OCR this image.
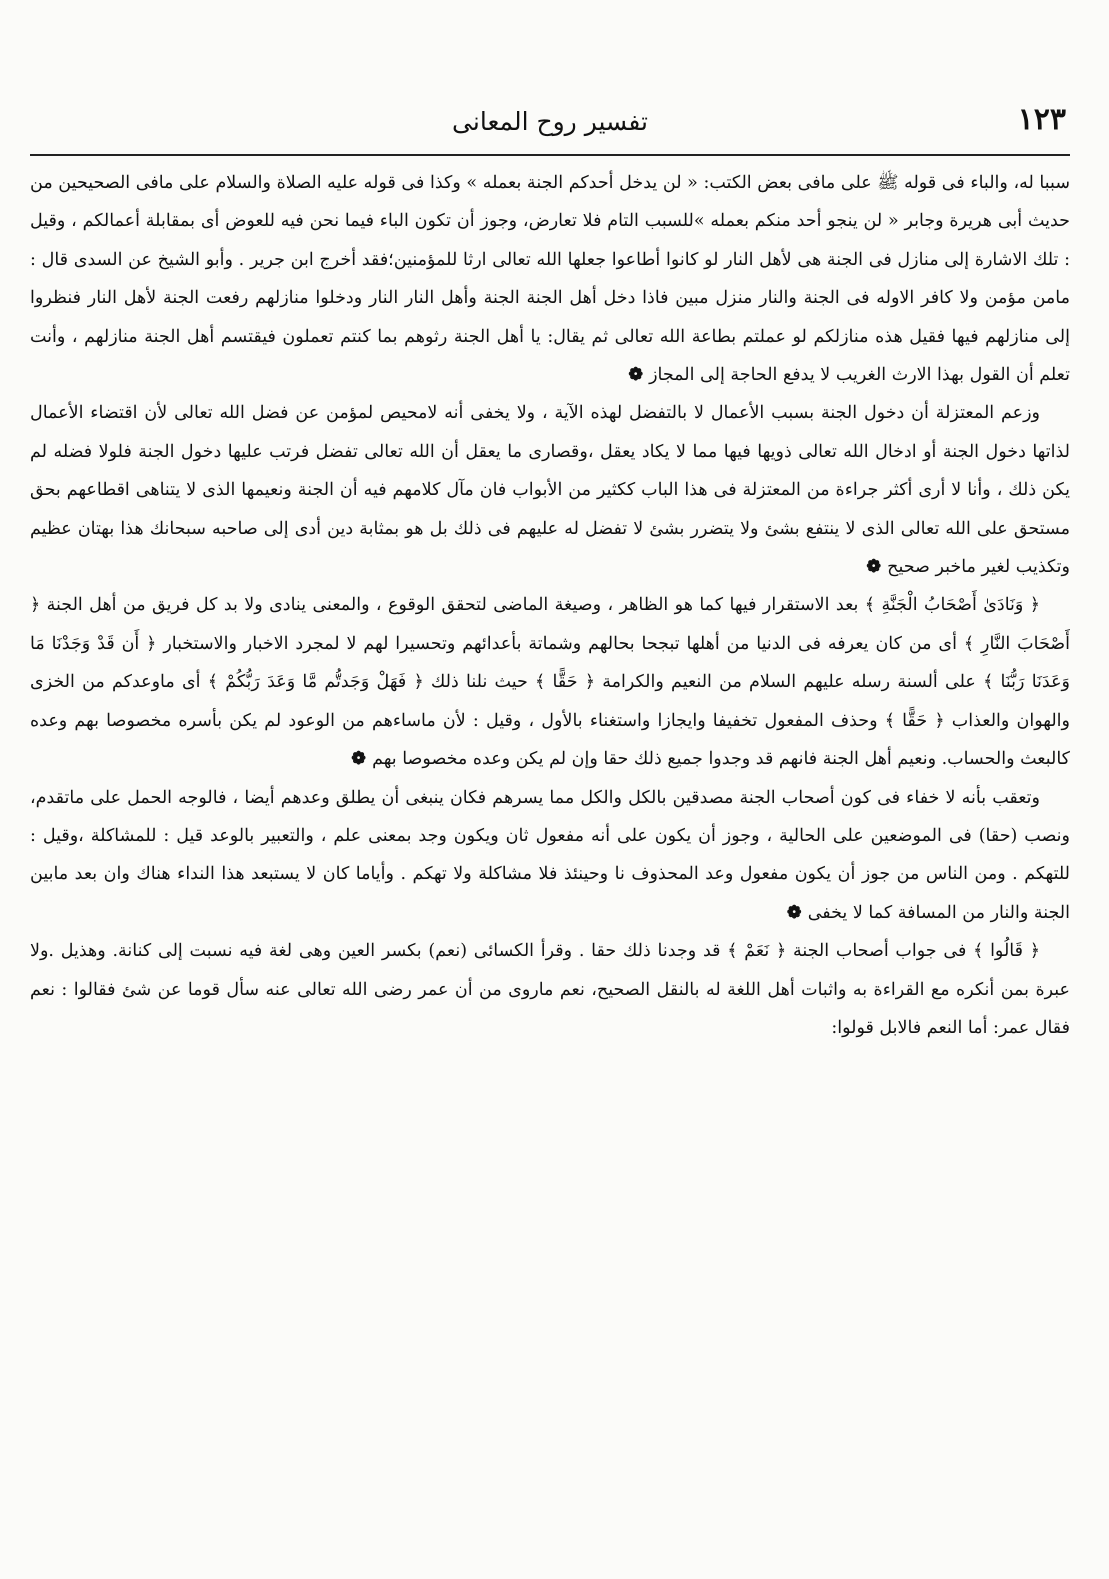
١٢٣
تفسير روح المعانى

سببا له، والباء فى قوله ﷺ على مافى بعض الكتب: « لن يدخل أحدكم الجنة بعمله » وكذا فى قوله عليه الصلاة والسلام على مافى الصحيحين من حديث أبى هريرة وجابر « لن ينجو أحد منكم بعمله »للسبب التام فلا تعارض، وجوز أن تكون الباء فيما نحن فيه للعوض أى بمقابلة أعمالكم ، وقيل : تلك الاشارة إلى منازل فى الجنة هى لأهل النار لو كانوا أطاعوا جعلها الله تعالى ارثا للمؤمنين؛فقد أخرج ابن جرير . وأبو الشيخ عن السدى قال : مامن مؤمن ولا كافر الاوله فى الجنة والنار منزل مبين فاذا دخل أهل الجنة الجنة وأهل النار النار ودخلوا منازلهم رفعت الجنة لأهل النار فنظروا إلى منازلهم فيها فقيل هذه منازلكم لو عملتم بطاعة الله تعالى ثم يقال: يا أهل الجنة رثوهم بما كنتم تعملون فيقتسم أهل الجنة منازلهم ، وأنت تعلم أن القول بهذا الارث الغريب لا يدفع الحاجة إلى المجاز ❁

وزعم المعتزلة أن دخول الجنة بسبب الأعمال لا بالتفضل لهذه الآية ، ولا يخفى أنه لامحيص لمؤمن عن فضل الله تعالى لأن اقتضاء الأعمال لذاتها دخول الجنة أو ادخال الله تعالى ذويها فيها مما لا يكاد يعقل ،وقصارى ما يعقل أن الله تعالى تفضل فرتب عليها دخول الجنة فلولا فضله لم يكن ذلك ، وأنا لا أرى أكثر جراءة من المعتزلة فى هذا الباب ككثير من الأبواب فان مآل كلامهم فيه أن الجنة ونعيمها الذى لا يتناهى اقطاعهم بحق مستحق على الله تعالى الذى لا ينتفع بشئ ولا يتضرر بشئ لا تفضل له عليهم فى ذلك بل هو بمثابة دين أدى إلى صاحبه سبحانك هذا بهتان عظيم وتكذيب لغير ماخبر صحيح ❁

﴿ وَنَادَىٰ أَصْحَابُ الْجَنَّةِ ﴾ بعد الاستقرار فيها كما هو الظاهر ، وصيغة الماضى لتحقق الوقوع ، والمعنى ينادى ولا بد كل فريق من أهل الجنة ﴿ أَصْحَابَ النَّارِ ﴾ أى من كان يعرفه فى الدنيا من أهلها تبجحا بحالهم وشماتة بأعدائهم وتحسيرا لهم لا لمجرد الاخبار والاستخبار ﴿ أَن قَدْ وَجَدْنَا مَا وَعَدَنَا رَبُّنَا ﴾ على ألسنة رسله عليهم السلام من النعيم والكرامة ﴿ حَقًّا ﴾ حيث نلنا ذلك ﴿ فَهَلْ وَجَدتُّم مَّا وَعَدَ رَبُّكُمْ ﴾ أى ماوعدكم من الخزى والهوان والعذاب ﴿ حَقًّا ﴾ وحذف المفعول تخفيفا وايجازا واستغناء بالأول ، وقيل : لأن ماساءهم من الوعود لم يكن بأسره مخصوصا بهم وعده كالبعث والحساب. ونعيم أهل الجنة فانهم قد وجدوا جميع ذلك حقا وإن لم يكن وعده مخصوصا بهم ❁

وتعقب بأنه لا خفاء فى كون أصحاب الجنة مصدقين بالكل والكل مما يسرهم فكان ينبغى أن يطلق وعدهم أيضا ، فالوجه الحمل على ماتقدم، ونصب (حقا) فى الموضعين على الحالية ، وجوز أن يكون على أنه مفعول ثان ويكون وجد بمعنى علم ، والتعبير بالوعد قيل : للمشاكلة ،وقيل : للتهكم . ومن الناس من جوز أن يكون مفعول وعد المحذوف نا وحينئذ فلا مشاكلة ولا تهكم . وأياما كان لا يستبعد هذا النداء هناك وان بعد مابين الجنة والنار من المسافة كما لا يخفى ❁

﴿ قَالُوا ﴾ فى جواب أصحاب الجنة ﴿ نَعَمْ ﴾ قد وجدنا ذلك حقا . وقرأ الكسائى (نعم) بكسر العين وهى لغة فيه نسبت إلى كنانة. وهذيل .ولا عبرة بمن أنكره مع القراءة به واثبات أهل اللغة له بالنقل الصحيح، نعم ماروى من أن عمر رضى الله تعالى عنه سأل قوما عن شئ فقالوا : نعم فقال عمر: أما النعم فالابل قولوا:
